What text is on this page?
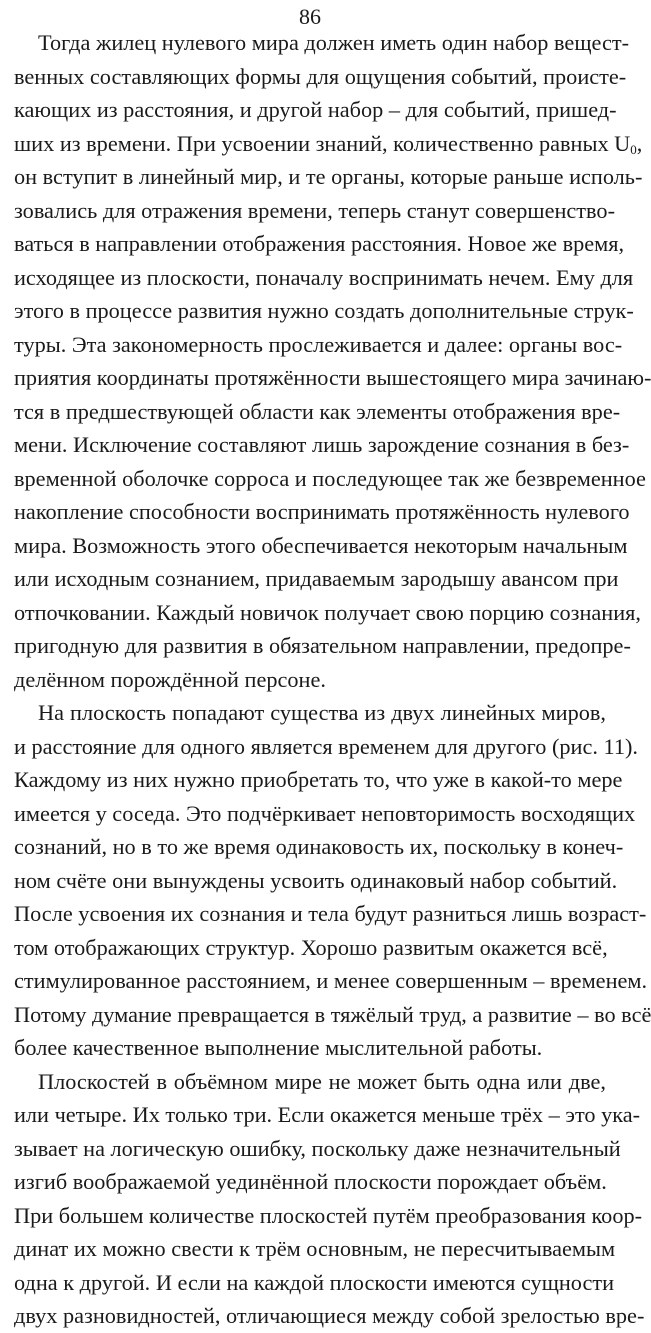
86
Тогда жилец нулевого мира должен иметь один набор вещест-
венных составляющих формы для ощущения событий, проистe-
кающих из расстояния, и другой набор – для событий, пришед-
ших из времени. При усвоении знаний, количественно равных $U_0$,
он вступит в линейный мир, и те органы, которые раньше исполь-
зовались для отражения времени, теперь станут совершенство-
ваться в направлении отображения расстояния. Новое же время,
исходящее из плоскости, поначалу воспринимать нечем. Ему для
этого в процессе развития нужно создать дополнительные струк-
туры. Эта закономерность прослеживается и далее: органы вос-
приятия координаты протяжённости вышестоящего мира зачинаю-
тся в предшествующей области как элементы отображения вре-
мени. Исключение составляют лишь зарождение сознания в без-
временной оболочке сорроса и последующее так же безвременное
накопление способности воспринимать протяжённость нулевого
мира. Возможность этого обеспечивается некоторым начальным
или исходным сознанием, придаваемым зародышу авансом при
отпочковании. Каждый новичок получает свою порцию сознания,
пригодную для развития в обязательном направлении, предопре-
делённом порождённой персоне.
На плоскость попадают существа из двух линейных миров,
и расстояние для одного является временем для другого (рис. 11).
Каждому из них нужно приобретать то, что уже в какой-то мере
имеется у соседа. Это подчёркивает неповторимость восходящих
сознаний, но в то же время одинаковость их, поскольку в конеч-
ном счёте они вынуждены усвоить одинаковый набор событий.
После усвоения их сознания и тела будут разниться лишь возраст-
том отображающих структур. Хорошо развитым окажется всё,
стимулированное расстоянием, и менее совершенным – временем.
Потому думание превращается в тяжёлый труд, а развитие – во всё
более качественное выполнение мыслительной работы.
Плоскостей в объёмном мире не может быть одна или две,
или четыре. Их только три. Если окажется меньше трёх – это ука-
зывает на логическую ошибку, поскольку даже незначительный
изгиб воображаемой уединённой плоскости порождает объём.
При большем количестве плоскостей путём преобразования коор-
динат их можно свести к трём основным, не пересчитываемым
одна к другой. И если на каждой плоскости имеются сущности
двух разновидностей, отличающиеся между собой зрелостью вре-
